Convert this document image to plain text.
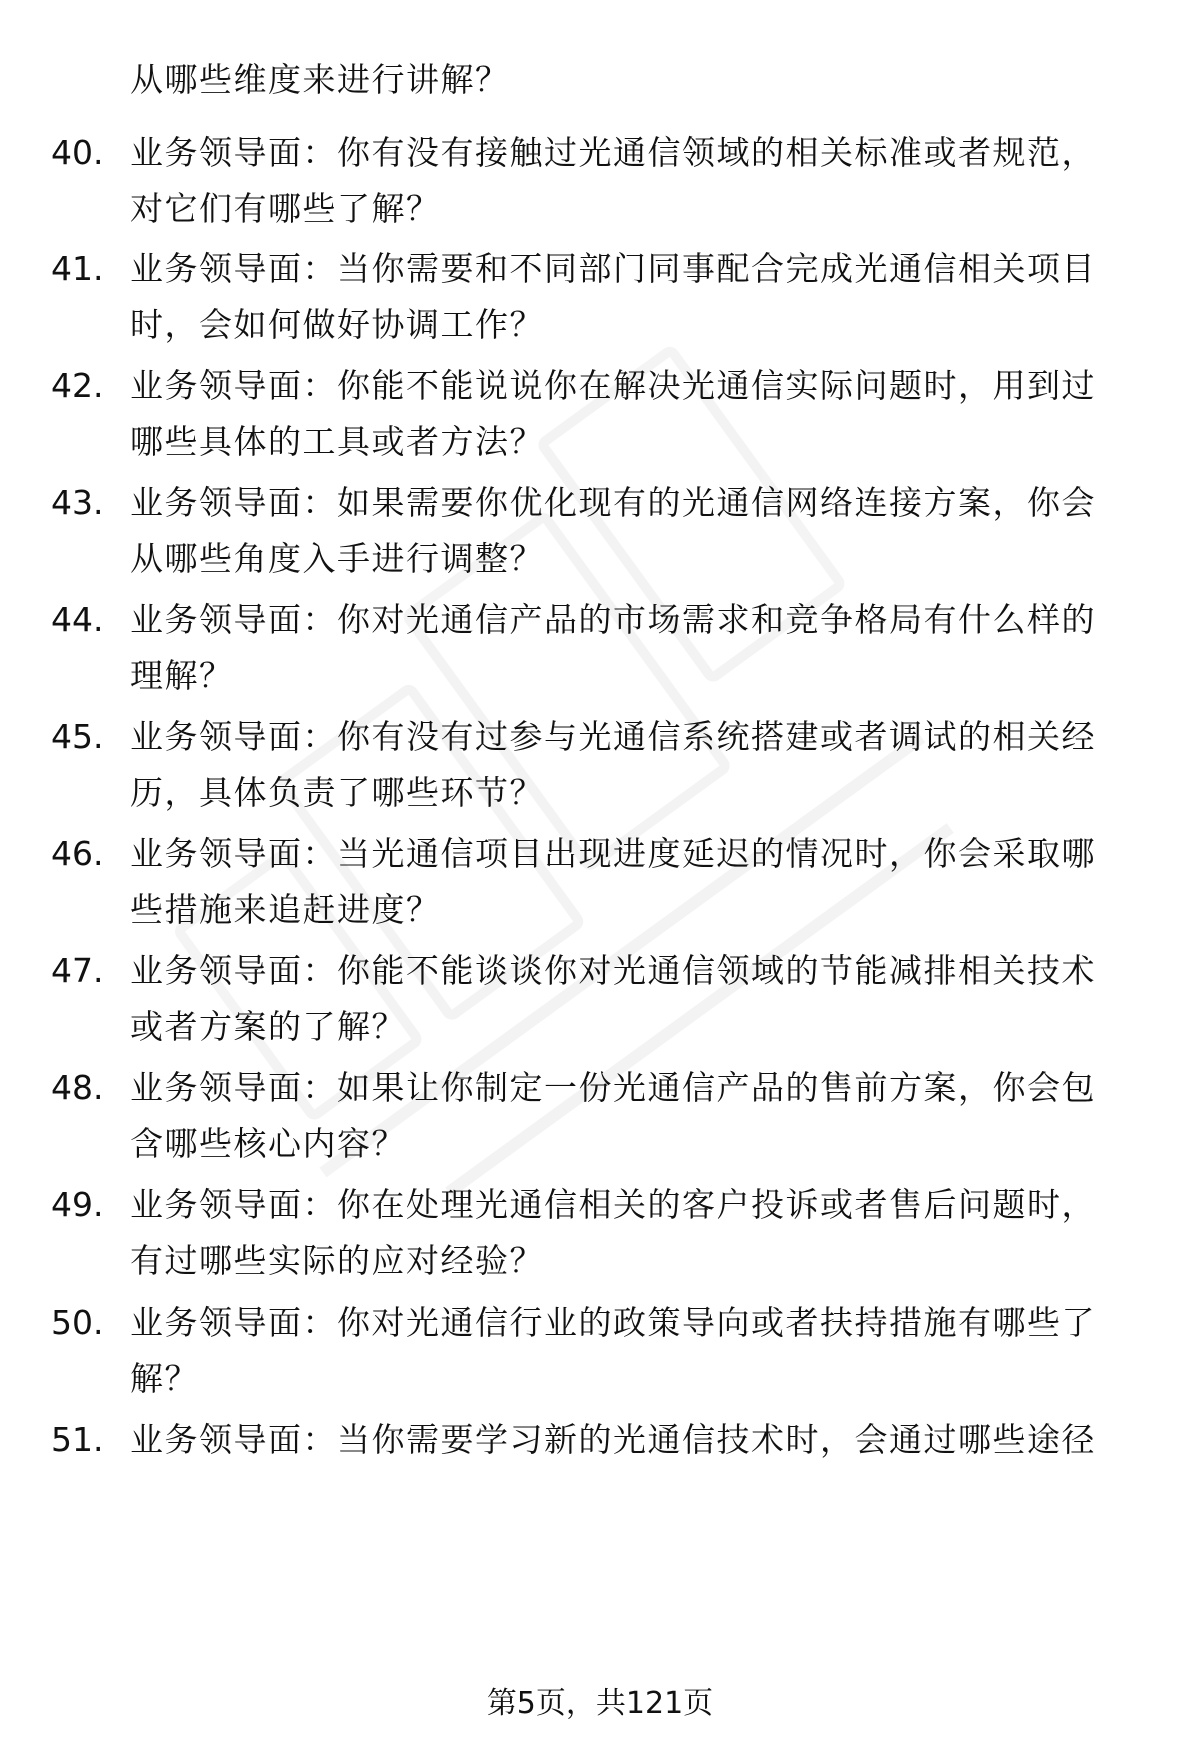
从哪些维度来进行讲解？
40. 业务领导面：你有没有接触过光通信领域的相关标准或者规范，
对它们有哪些了解？
41. 业务领导面：当你需要和不同部门同事配合完成光通信相关项目
时，会如何做好协调工作？
42. 业务领导面：你能不能说说你在解决光通信实际问题时，用到过
哪些具体的工具或者方法？
43. 业务领导面：如果需要你优化现有的光通信网络连接方案，你会
从哪些角度入手进行调整？
44. 业务领导面：你对光通信产品的市场需求和竞争格局有什么样的
理解？
45. 业务领导面：你有没有过参与光通信系统搭建或者调试的相关经
历，具体负责了哪些环节？
46. 业务领导面：当光通信项目出现进度延迟的情况时，你会采取哪
些措施来追赶进度？
47. 业务领导面：你能不能谈谈你对光通信领域的节能减排相关技术
或者方案的了解？
48. 业务领导面：如果让你制定一份光通信产品的售前方案，你会包
含哪些核心内容？
49. 业务领导面：你在处理光通信相关的客户投诉或者售后问题时，
有过哪些实际的应对经验？
50. 业务领导面：你对光通信行业的政策导向或者扶持措施有哪些了
解？
51. 业务领导面：当你需要学习新的光通信技术时，会通过哪些途径
第5页，共121页
